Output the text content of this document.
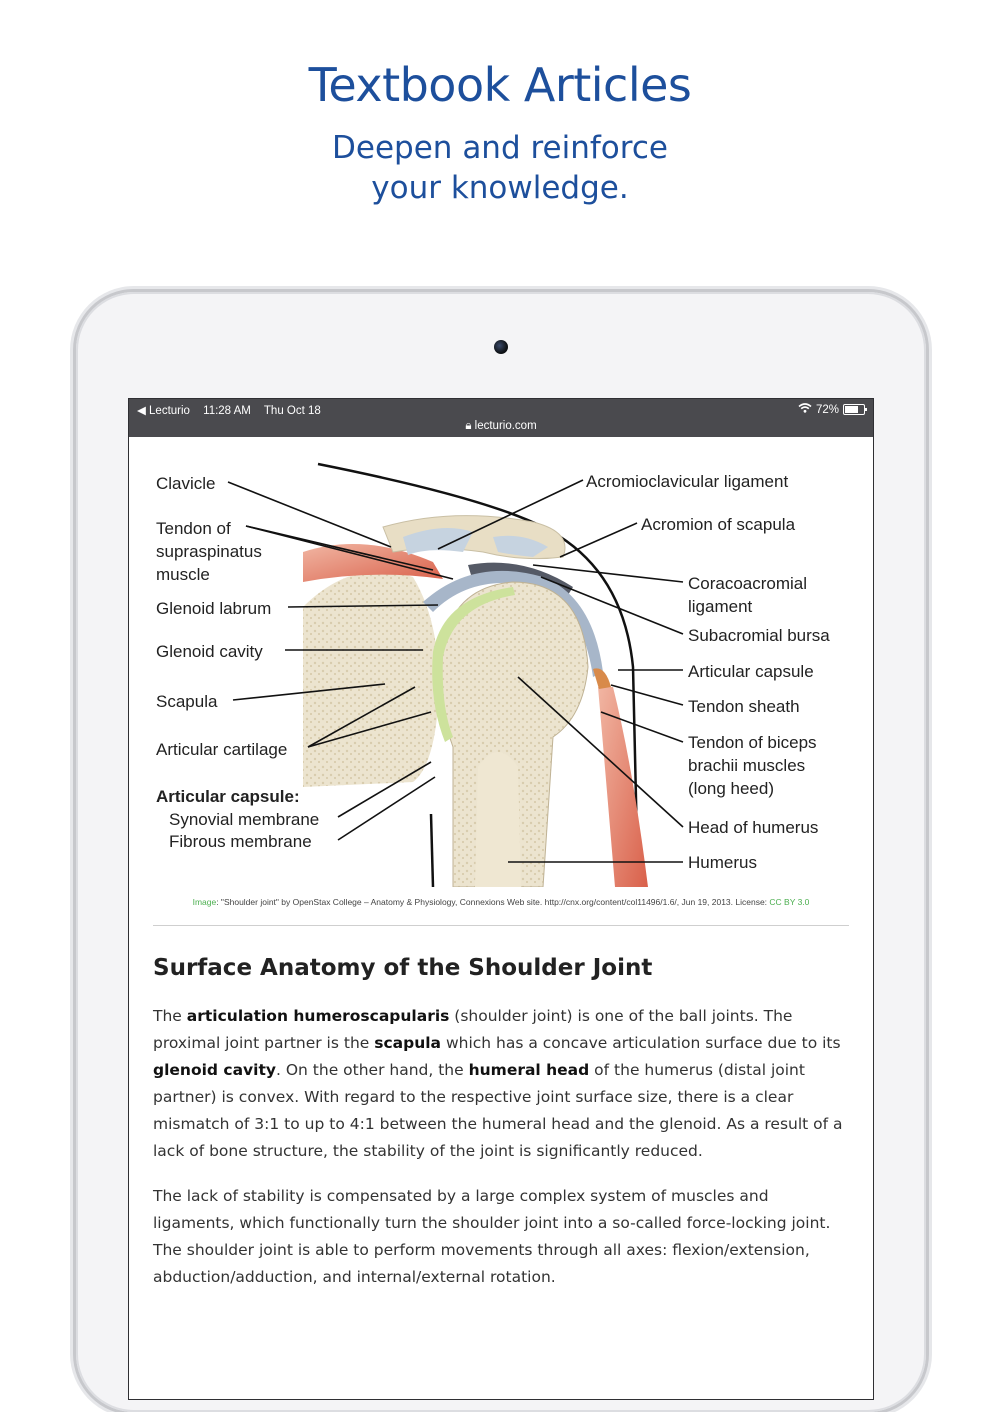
Textbook Articles
Deepen and reinforce
your knowledge.
◀ Lecturio 11:28 AM Thu Oct 18	72%
🔒︎ lecturio.com
Clavicle
Tendon of
supraspinatus
muscle
Glenoid labrum
Glenoid cavity
Scapula
Articular cartilage
Articular capsule:
Synovial membrane
Fibrous membrane
Acromioclavicular ligament
Acromion of scapula
Coracoacromial
ligament
Subacromial bursa
Articular capsule
Tendon sheath
Tendon of biceps
brachii muscles
(long heed)
Head of humerus
Humerus
Image: "Shoulder joint" by OpenStax College – Anatomy & Physiology, Connexions Web site. http://cnx.org/content/col11496/1.6/, Jun 19, 2013. License: CC BY 3.0
Surface Anatomy of the Shoulder Joint
The articulation humeroscapularis (shoulder joint) is one of the ball joints. The proximal joint partner is the scapula which has a concave articulation surface due to its glenoid cavity. On the other hand, the humeral head of the humerus (distal joint partner) is convex. With regard to the respective joint surface size, there is a clear mismatch of 3:1 to up to 4:1 between the humeral head and the glenoid. As a result of a lack of bone structure, the stability of the joint is significantly reduced.
The lack of stability is compensated by a large complex system of muscles and ligaments, which functionally turn the shoulder joint into a so-called force-locking joint. The shoulder joint is able to perform movements through all axes: flexion/extension, abduction/adduction, and internal/external rotation.
